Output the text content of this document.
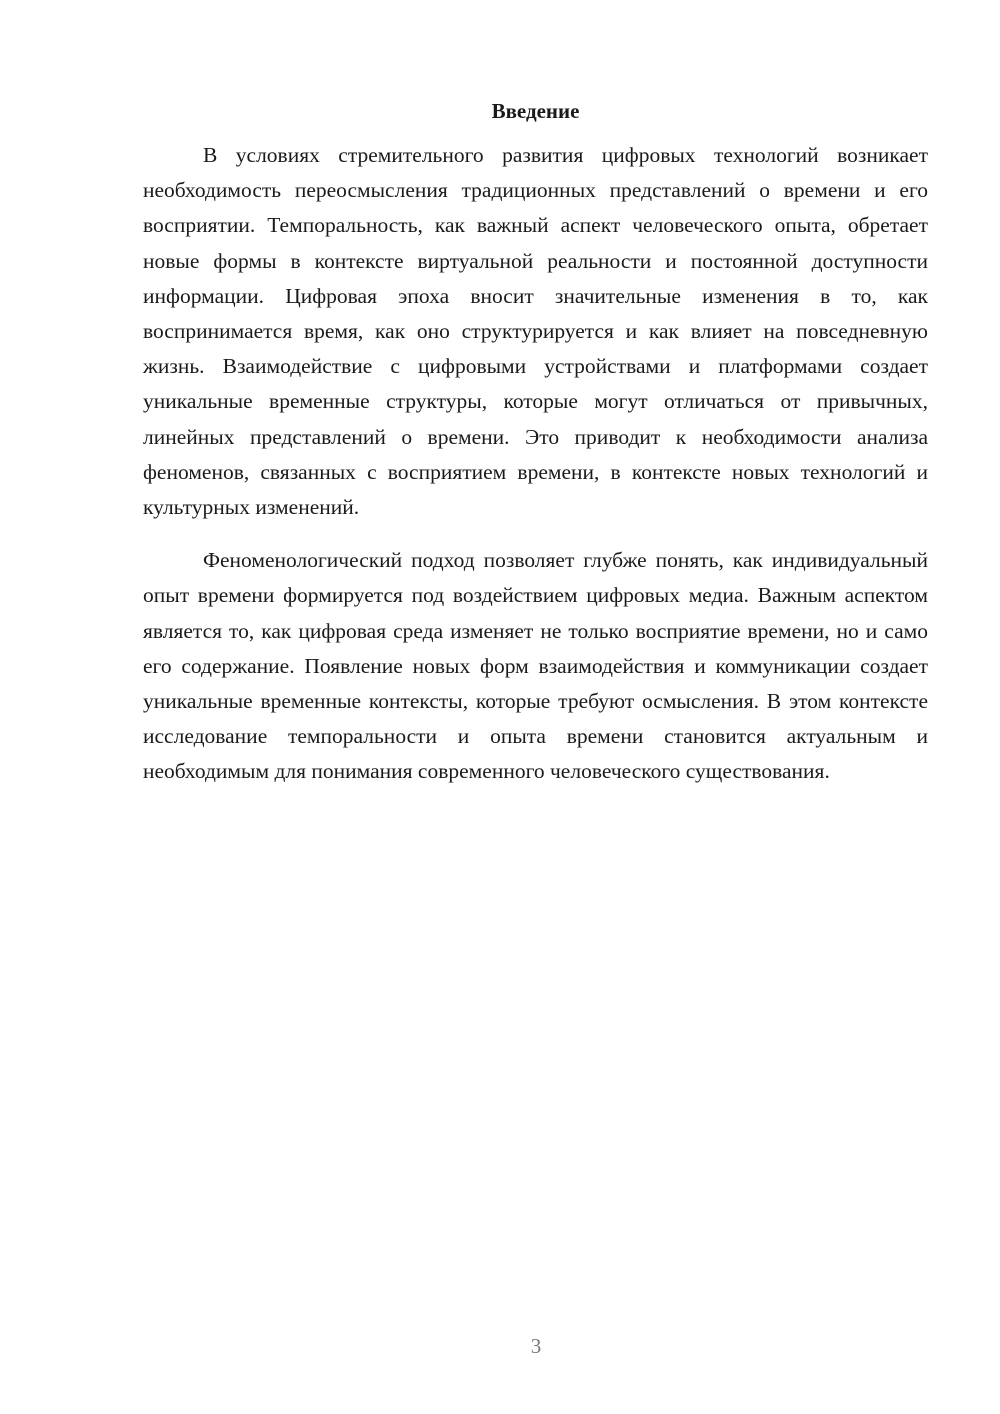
Введение

В условиях стремительного развития цифровых технологий возникает необходимость переосмысления традиционных представлений о времени и его восприятии. Темпоральность, как важный аспект человеческого опыта, обретает новые формы в контексте виртуальной реальности и постоянной доступности информации. Цифровая эпоха вносит значительные изменения в то, как воспринимается время, как оно структурируется и как влияет на повседневную жизнь. Взаимодействие с цифровыми устройствами и платформами создает уникальные временные структуры, которые могут отличаться от привычных, линейных представлений о времени. Это приводит к необходимости анализа феноменов, связанных с восприятием времени, в контексте новых технологий и культурных изменений.

Феноменологический подход позволяет глубже понять, как индивидуальный опыт времени формируется под воздействием цифровых медиа. Важным аспектом является то, как цифровая среда изменяет не только восприятие времени, но и само его содержание. Появление новых форм взаимодействия и коммуникации создает уникальные временные контексты, которые требуют осмысления. В этом контексте исследование темпоральности и опыта времени становится актуальным и необходимым для понимания современного человеческого существования.

3
